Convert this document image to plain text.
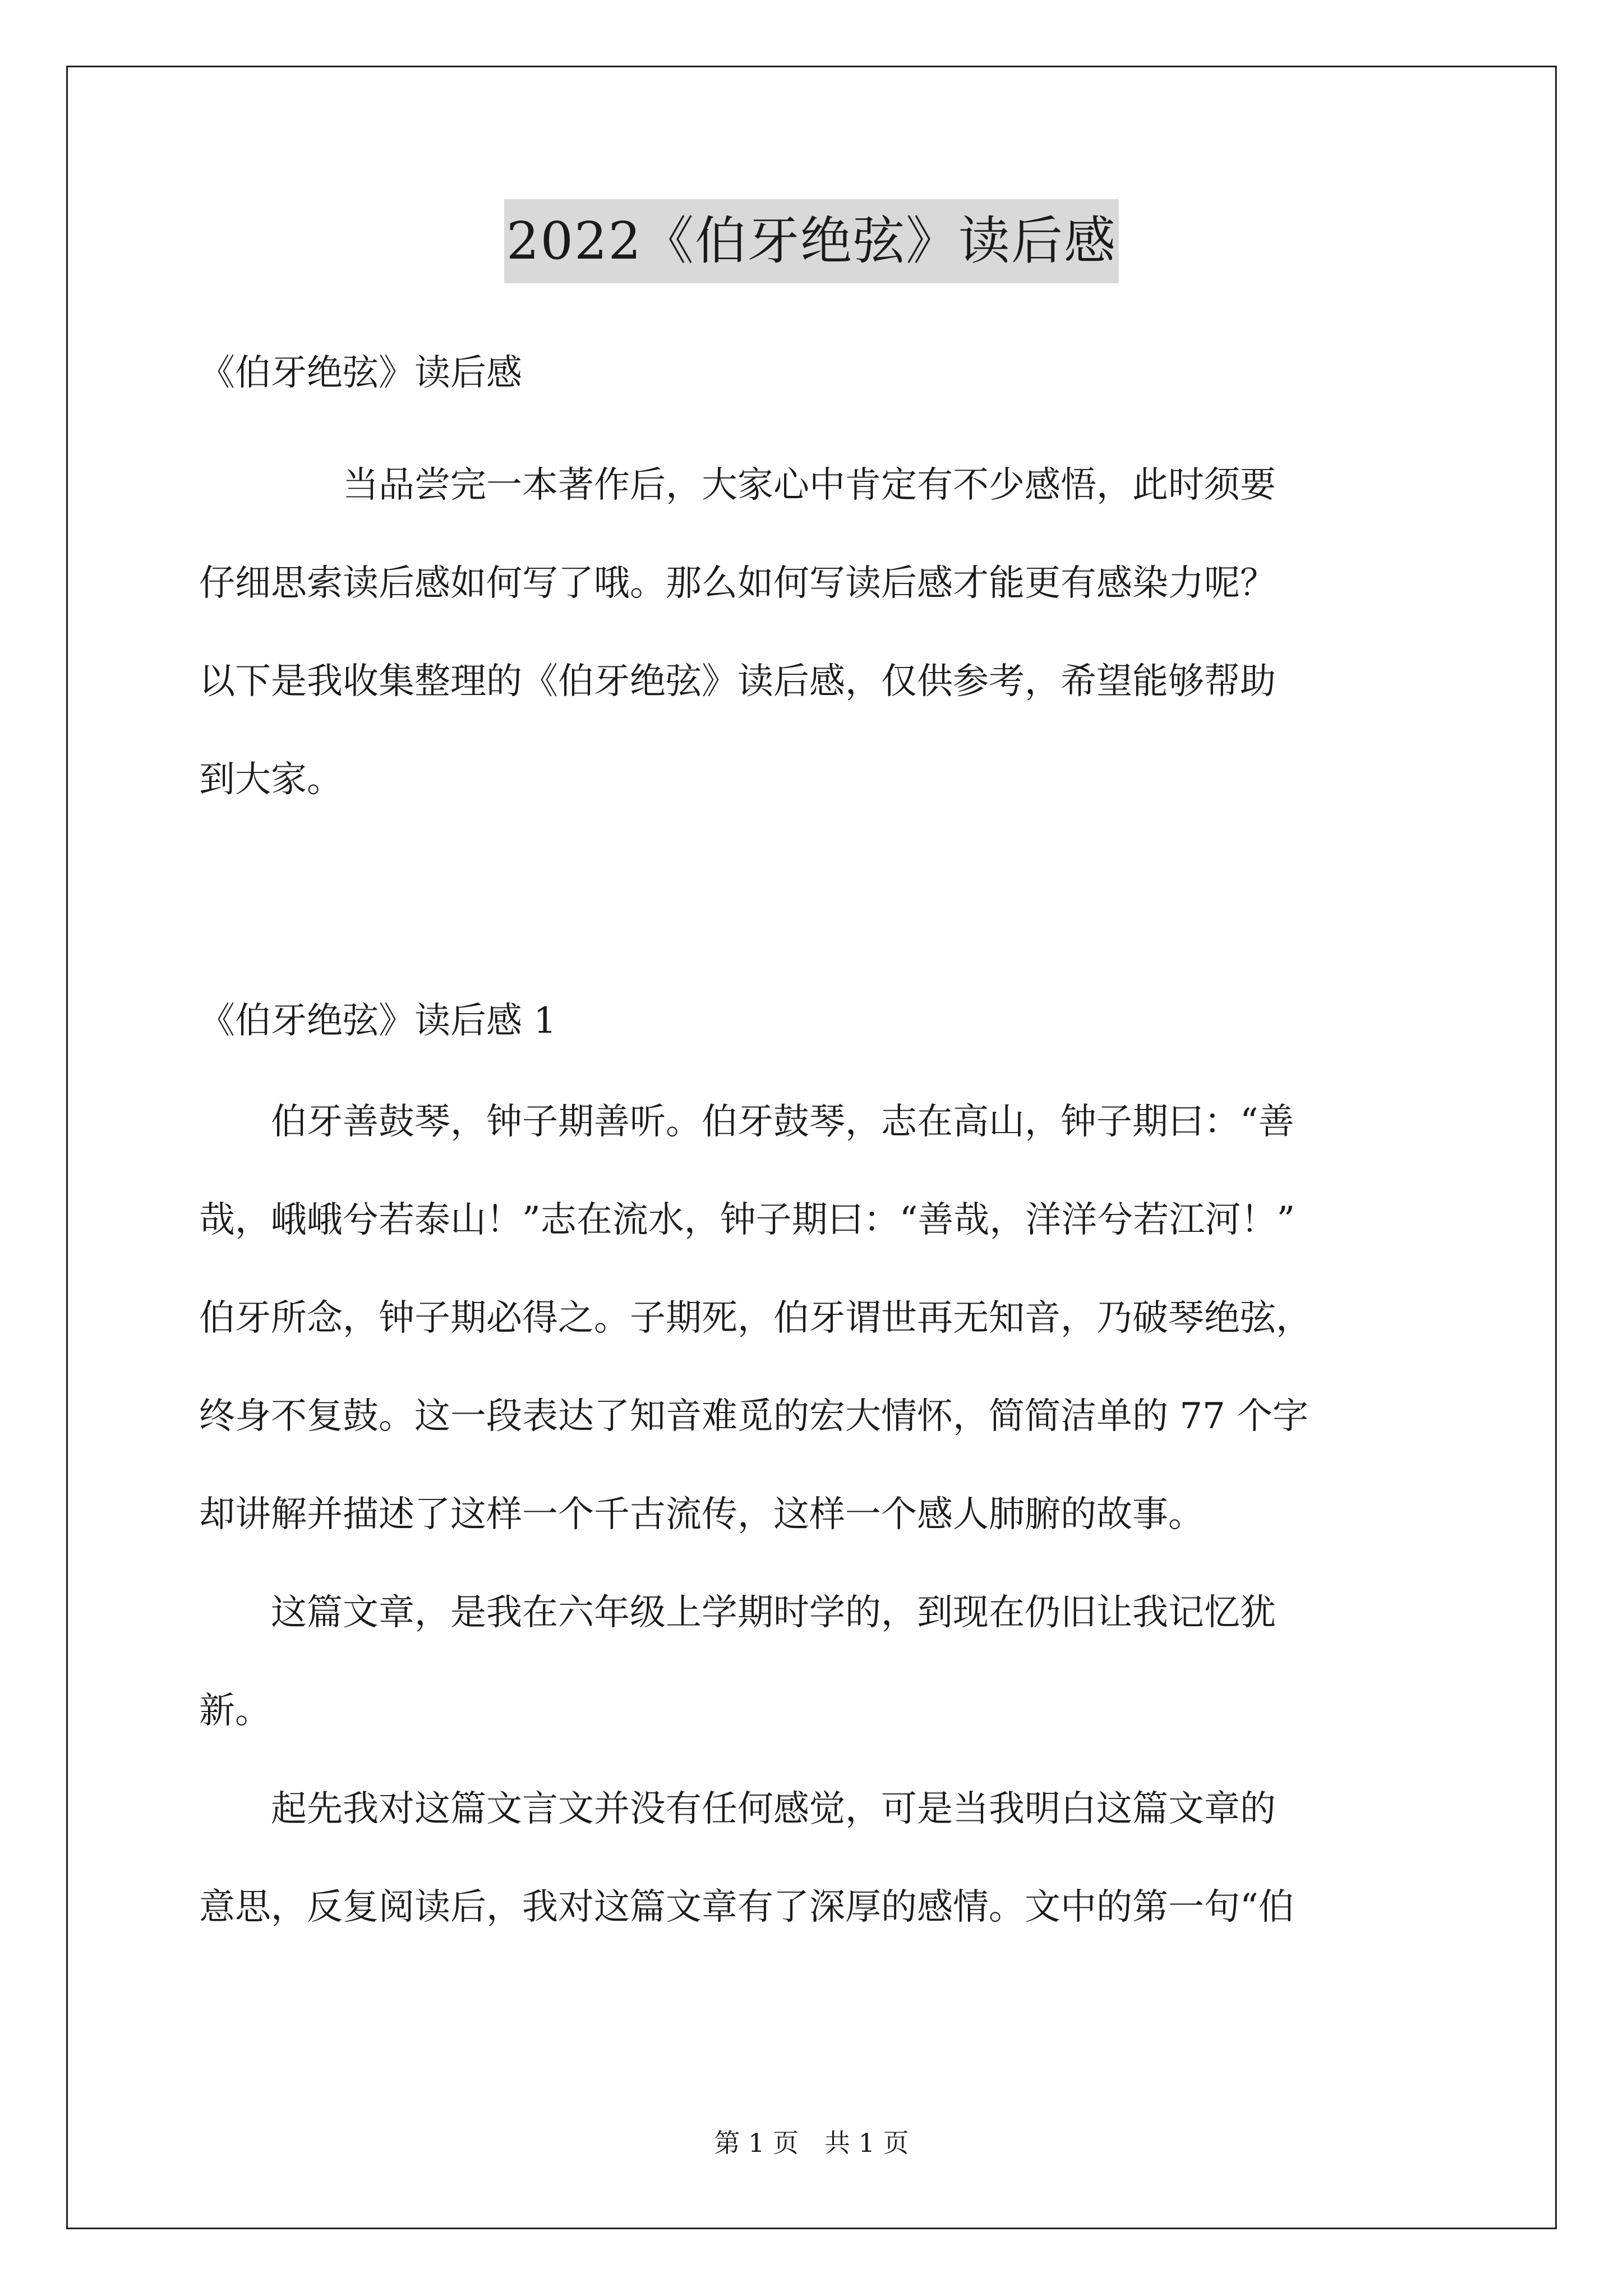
2022《伯牙绝弦》读后感
《伯牙绝弦》读后感
　　　　当品尝完一本著作后，大家心中肯定有不少感悟，此时须要
仔细思索读后感如何写了哦。那么如何写读后感才能更有感染力呢？
以下是我收集整理的《伯牙绝弦》读后感，仅供参考，希望能够帮助
到大家。
《伯牙绝弦》读后感 1
　　伯牙善鼓琴，钟子期善听。伯牙鼓琴，志在高山，钟子期曰：“善
哉，峨峨兮若泰山！”志在流水，钟子期曰：“善哉，洋洋兮若江河！”
伯牙所念，钟子期必得之。子期死，伯牙谓世再无知音，乃破琴绝弦，
终身不复鼓。这一段表达了知音难觅的宏大情怀，简简洁单的 77 个字
却讲解并描述了这样一个千古流传，这样一个感人肺腑的故事。
　　这篇文章，是我在六年级上学期时学的，到现在仍旧让我记忆犹
新。
　　起先我对这篇文言文并没有任何感觉，可是当我明白这篇文章的
意思，反复阅读后，我对这篇文章有了深厚的感情。文中的第一句“伯
第 1 页　共 1 页
